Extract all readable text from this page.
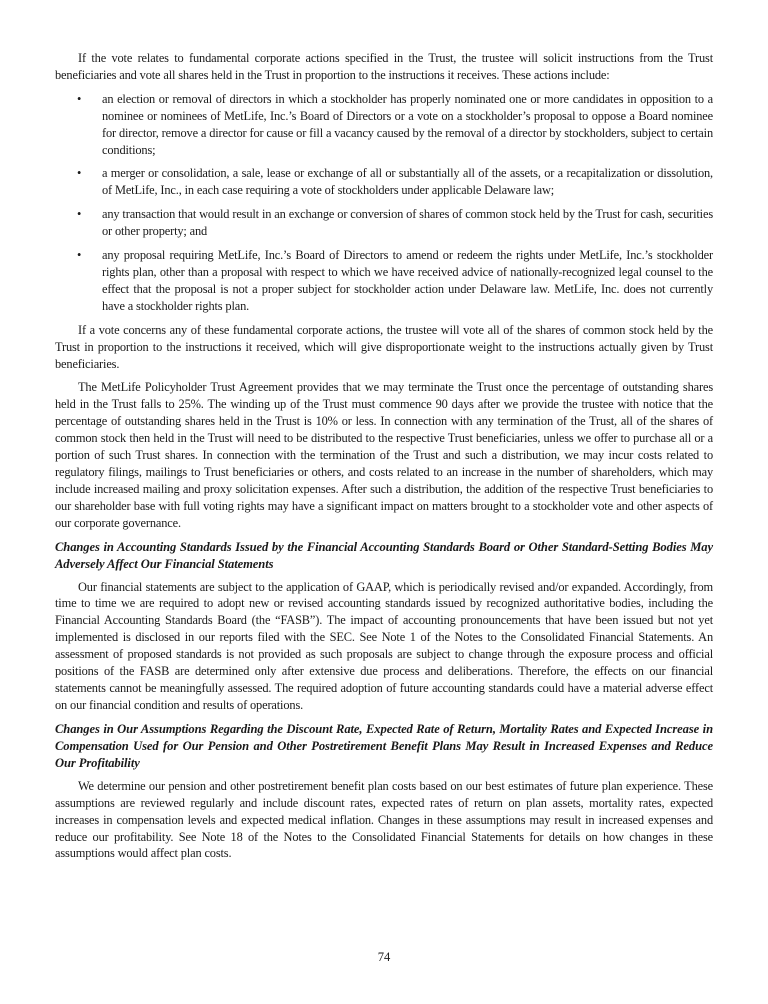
If the vote relates to fundamental corporate actions specified in the Trust, the trustee will solicit instructions from the Trust beneficiaries and vote all shares held in the Trust in proportion to the instructions it receives. These actions include:

• an election or removal of directors in which a stockholder has properly nominated one or more candidates in opposition to a nominee or nominees of MetLife, Inc.’s Board of Directors or a vote on a stockholder’s proposal to oppose a Board nominee for director, remove a director for cause or fill a vacancy caused by the removal of a director by stockholders, subject to certain conditions;
• a merger or consolidation, a sale, lease or exchange of all or substantially all of the assets, or a recapitalization or dissolution, of MetLife, Inc., in each case requiring a vote of stockholders under applicable Delaware law;
• any transaction that would result in an exchange or conversion of shares of common stock held by the Trust for cash, securities or other property; and
• any proposal requiring MetLife, Inc.’s Board of Directors to amend or redeem the rights under MetLife, Inc.’s stockholder rights plan, other than a proposal with respect to which we have received advice of nationally-recognized legal counsel to the effect that the proposal is not a proper subject for stockholder action under Delaware law. MetLife, Inc. does not currently have a stockholder rights plan.

If a vote concerns any of these fundamental corporate actions, the trustee will vote all of the shares of common stock held by the Trust in proportion to the instructions it received, which will give disproportionate weight to the instructions actually given by Trust beneficiaries.

The MetLife Policyholder Trust Agreement provides that we may terminate the Trust once the percentage of outstanding shares held in the Trust falls to 25%. The winding up of the Trust must commence 90 days after we provide the trustee with notice that the percentage of outstanding shares held in the Trust is 10% or less. In connection with any termination of the Trust, all of the shares of common stock then held in the Trust will need to be distributed to the respective Trust beneficiaries, unless we offer to purchase all or a portion of such Trust shares. In connection with the termination of the Trust and such a distribution, we may incur costs related to regulatory filings, mailings to Trust beneficiaries or others, and costs related to an increase in the number of shareholders, which may include increased mailing and proxy solicitation expenses. After such a distribution, the addition of the respective Trust beneficiaries to our shareholder base with full voting rights may have a significant impact on matters brought to a stockholder vote and other aspects of our corporate governance.

Changes in Accounting Standards Issued by the Financial Accounting Standards Board or Other Standard-Setting Bodies May Adversely Affect Our Financial Statements

Our financial statements are subject to the application of GAAP, which is periodically revised and/or expanded. Accordingly, from time to time we are required to adopt new or revised accounting standards issued by recognized authoritative bodies, including the Financial Accounting Standards Board (the “FASB”). The impact of accounting pronouncements that have been issued but not yet implemented is disclosed in our reports filed with the SEC. See Note 1 of the Notes to the Consolidated Financial Statements. An assessment of proposed standards is not provided as such proposals are subject to change through the exposure process and official positions of the FASB are determined only after extensive due process and deliberations. Therefore, the effects on our financial statements cannot be meaningfully assessed. The required adoption of future accounting standards could have a material adverse effect on our financial condition and results of operations.

Changes in Our Assumptions Regarding the Discount Rate, Expected Rate of Return, Mortality Rates and Expected Increase in Compensation Used for Our Pension and Other Postretirement Benefit Plans May Result in Increased Expenses and Reduce Our Profitability

We determine our pension and other postretirement benefit plan costs based on our best estimates of future plan experience. These assumptions are reviewed regularly and include discount rates, expected rates of return on plan assets, mortality rates, expected increases in compensation levels and expected medical inflation. Changes in these assumptions may result in increased expenses and reduce our profitability. See Note 18 of the Notes to the Consolidated Financial Statements for details on how changes in these assumptions would affect plan costs.

74
